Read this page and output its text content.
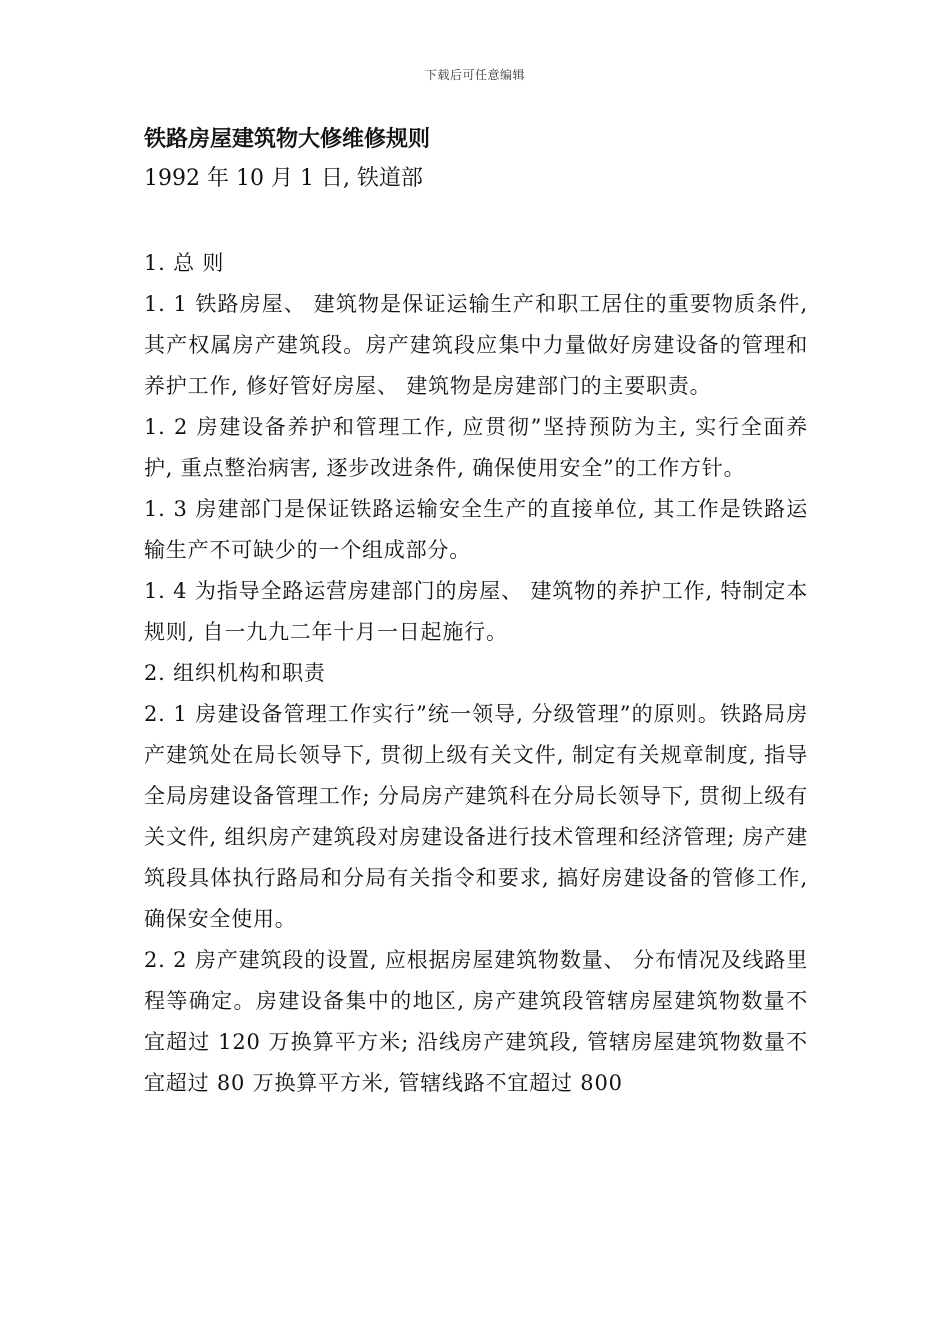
下载后可任意编辑
铁路房屋建筑物大修维修规则
1992 年 10 月 1 日, 铁道部

1. 总 则

1. 1 铁路房屋、 建筑物是保证运输生产和职工居住的重要物质条件, 其产权属房产建筑段。房产建筑段应集中力量做好房建设备的管理和养护工作, 修好管好房屋、 建筑物是房建部门的主要职责。

1. 2 房建设备养护和管理工作, 应贯彻”坚持预防为主, 实行全面养护, 重点整治病害, 逐步改进条件, 确保使用安全”的工作方针。

1. 3 房建部门是保证铁路运输安全生产的直接单位, 其工作是铁路运输生产不可缺少的一个组成部分。

1. 4 为指导全路运营房建部门的房屋、 建筑物的养护工作, 特制定本规则, 自一九九二年十月一日起施行。

2. 组织机构和职责

2. 1 房建设备管理工作实行”统一领导, 分级管理”的原则。铁路局房产建筑处在局长领导下, 贯彻上级有关文件, 制定有关规章制度, 指导全局房建设备管理工作; 分局房产建筑科在分局长领导下, 贯彻上级有关文件, 组织房产建筑段对房建设备进行技术管理和经济管理; 房产建筑段具体执行路局和分局有关指令和要求, 搞好房建设备的管修工作, 确保安全使用。

2. 2 房产建筑段的设置, 应根据房屋建筑物数量、 分布情况及线路里程等确定。房建设备集中的地区, 房产建筑段管辖房屋建筑物数量不宜超过 120 万换算平方米; 沿线房产建筑段, 管辖房屋建筑物数量不宜超过 80 万换算平方米, 管辖线路不宜超过 800
